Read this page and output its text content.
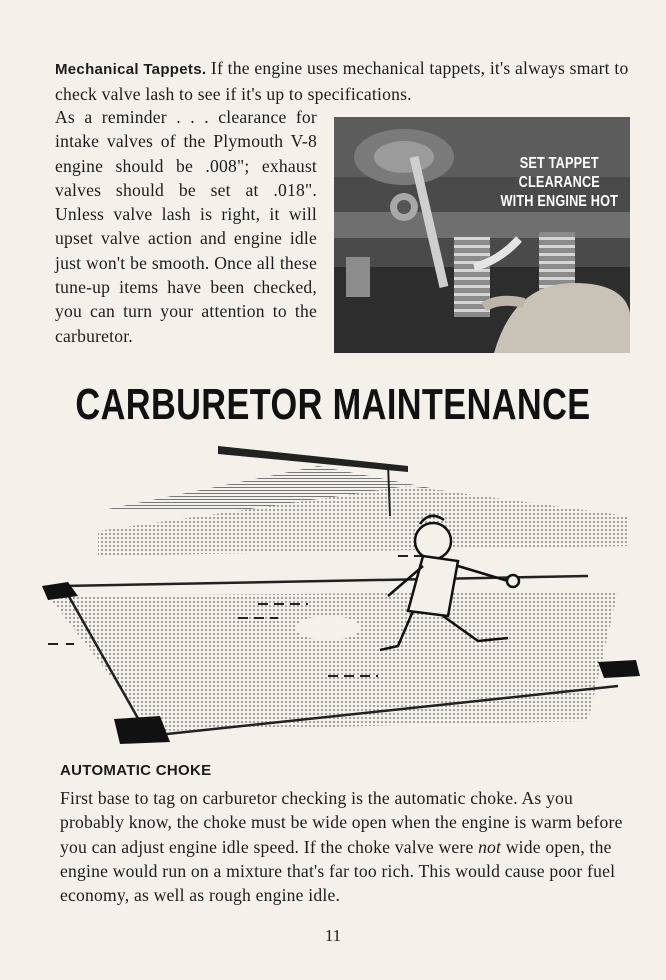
Mechanical Tappets. If the engine uses mechanical tappets, it's always smart to check valve lash to see if it's up to specifications.
As a reminder . . . clearance for intake valves of the Plymouth V-8 engine should be .008"; exhaust valves should be set at .018". Unless valve lash is right, it will upset valve action and engine idle just won't be smooth. Once all these tune-up items have been checked, you can turn your attention to the carburetor.
SET TAPPET CLEARANCE
WITH ENGINE HOT
CARBURETOR MAINTENANCE
AUTOMATIC CHOKE
First base to tag on carburetor checking is the automatic choke. As you probably know, the choke must be wide open when the engine is warm before you can adjust engine idle speed. If the choke valve were not wide open, the engine would run on a mixture that's far too rich. This would cause poor fuel economy, as well as rough engine idle.
11
